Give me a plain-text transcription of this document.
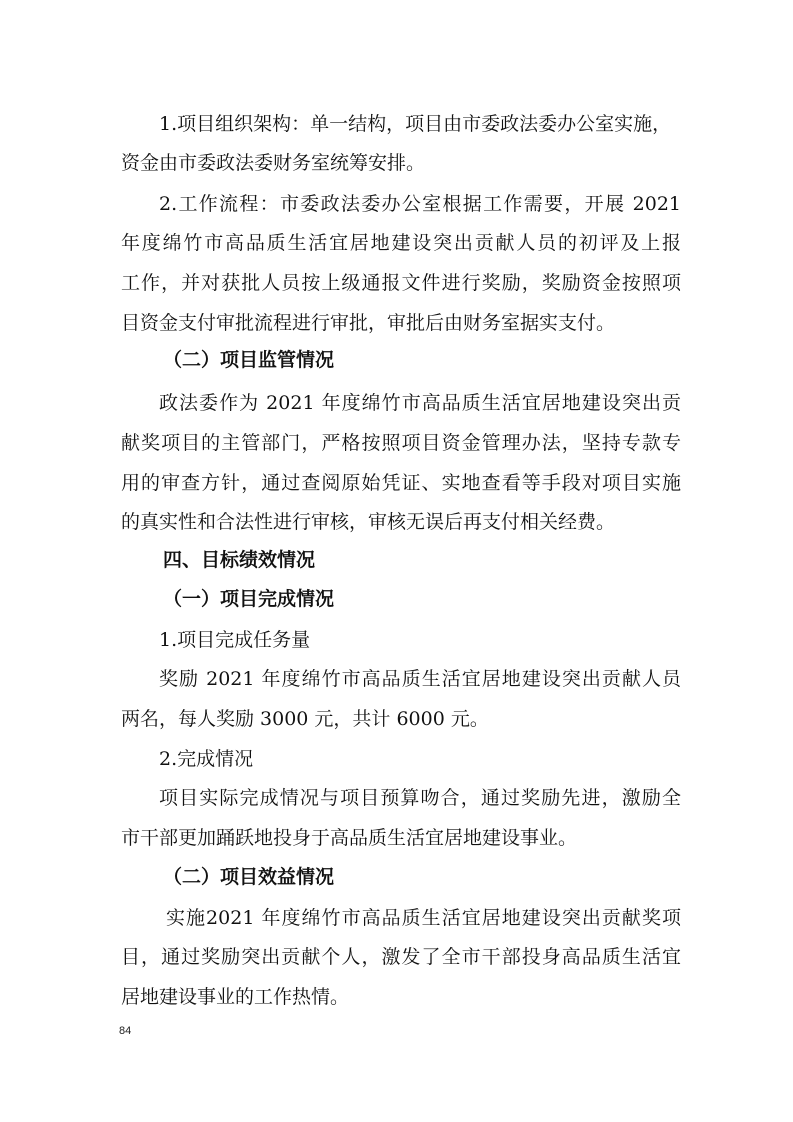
1.项目组织架构：单一结构，项目由市委政法委办公室实施，
资金由市委政法委财务室统筹安排。
2.工作流程：市委政法委办公室根据工作需要，开展 2021
年度绵竹市高品质生活宜居地建设突出贡献人员的初评及上报
工作，并对获批人员按上级通报文件进行奖励，奖励资金按照项
目资金支付审批流程进行审批，审批后由财务室据实支付。
（二）项目监管情况
政法委作为 2021 年度绵竹市高品质生活宜居地建设突出贡
献奖项目的主管部门，严格按照项目资金管理办法，坚持专款专
用的审查方针，通过查阅原始凭证、实地查看等手段对项目实施
的真实性和合法性进行审核，审核无误后再支付相关经费。
四、目标绩效情况
（一）项目完成情况
1.项目完成任务量
奖励 2021 年度绵竹市高品质生活宜居地建设突出贡献人员
两名，每人奖励 3000 元，共计 6000 元。
2.完成情况
项目实际完成情况与项目预算吻合，通过奖励先进，激励全
市干部更加踊跃地投身于高品质生活宜居地建设事业。
（二）项目效益情况
实施2021 年度绵竹市高品质生活宜居地建设突出贡献奖项
目，通过奖励突出贡献个人，激发了全市干部投身高品质生活宜
居地建设事业的工作热情。
84
